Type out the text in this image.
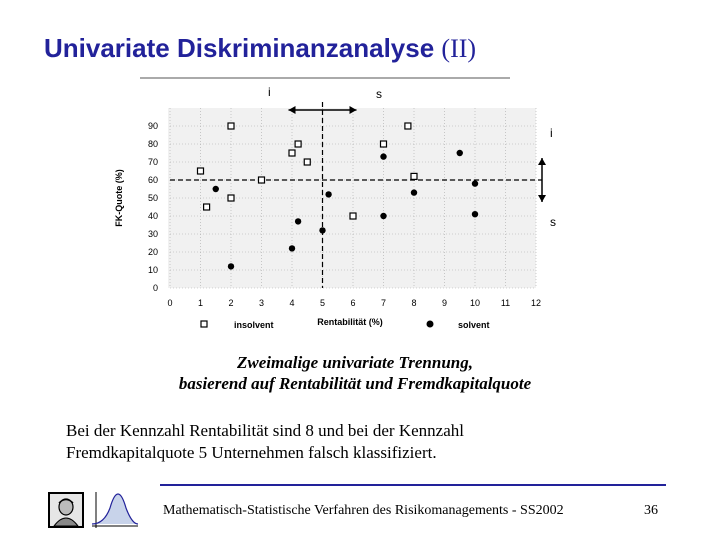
Univariate Diskriminanzanalyse (II)
0	1	2	3	4	5	6	7	8	9	10 11 12
0
10
20
30
40
50
60
70
80
90
i	s
i
s
FK-Quote (%)
Rentabilität (%)
insolvent	solvent
Zweimalige univariate Trennung,
basierend auf Rentabilität und Fremdkapitalquote
Bei der Kennzahl Rentabilität sind 8 und bei der Kennzahl
Fremdkapitalquote 5 Unternehmen falsch klassifiziert.
Mathematisch-Statistische Verfahren des Risikomanagements - SS2002	36
